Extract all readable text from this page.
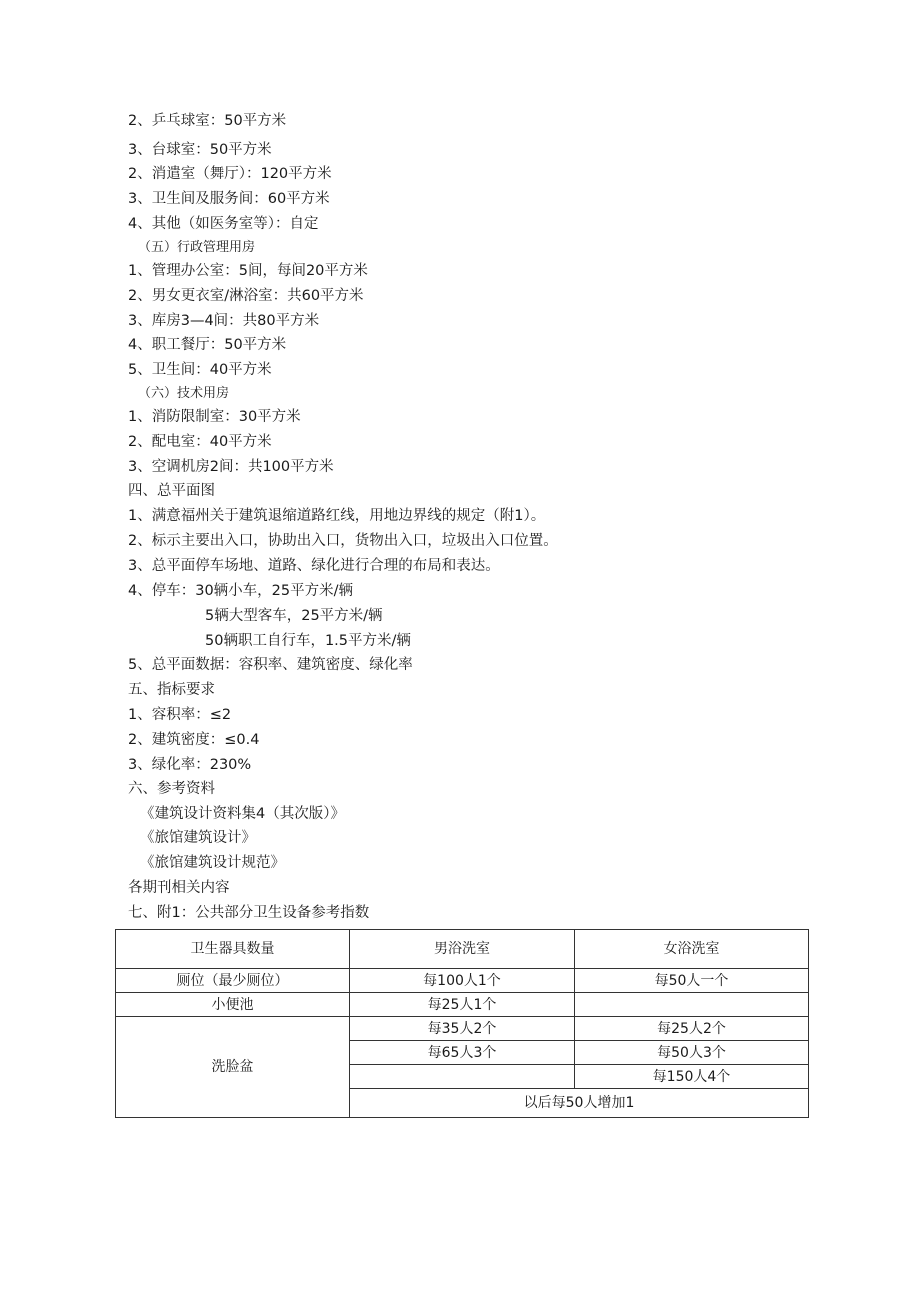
2、乒乓球室：50平方米
3、台球室：50平方米
2、消遣室（舞厅）：120平方米
3、卫生间及服务间：60平方米
4、其他（如医务室等）：自定
（五）行政管理用房
1、管理办公室：5间，每间20平方米
2、男女更衣室/淋浴室：共60平方米
3、库房3—4间：共80平方米
4、职工餐厅：50平方米
5、卫生间：40平方米
（六）技术用房
1、消防限制室：30平方米
2、配电室：40平方米
3、空调机房2间：共100平方米
四、总平面图
1、满意福州关于建筑退缩道路红线，用地边界线的规定（附1）。
2、标示主要出入口，协助出入口，货物出入口，垃圾出入口位置。
3、总平面停车场地、道路、绿化进行合理的布局和表达。
4、停车：30辆小车，25平方米/辆
5辆大型客车，25平方米/辆
50辆职工自行车，1.5平方米/辆
5、总平面数据：容积率、建筑密度、绿化率
五、指标要求
1、容积率：≤2
2、建筑密度：≤0.4
3、绿化率：230%
六、参考资料
《建筑设计资料集4（其次版）》
《旅馆建筑设计》
《旅馆建筑设计规范》
各期刊相关内容
七、附1：公共部分卫生设备参考指数
卫生器具数量	男浴洗室	女浴洗室
厕位（最少厕位）	每100人1个	每50人一个
小便池	每25人1个	
洗脸盆	每35人2个	每25人2个
	每65人3个	每50人3个
		每150人4个
	以后每50人增加1	
